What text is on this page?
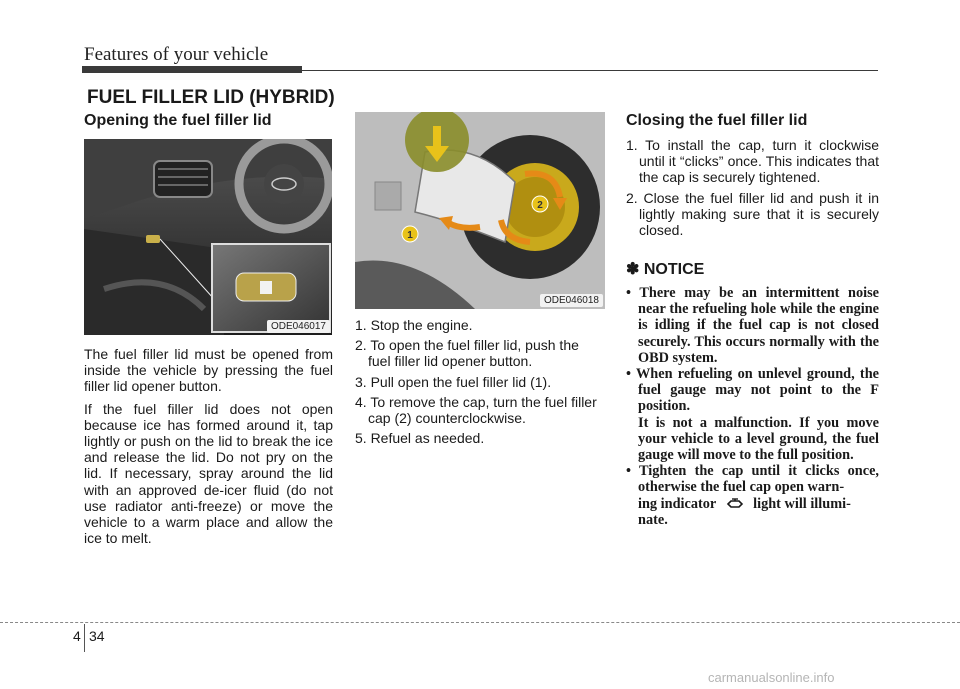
Features of your vehicle
FUEL FILLER LID (HYBRID)
Opening the fuel filler lid
ODE046017

The fuel filler lid must be opened from inside the vehicle by pressing the fuel filler lid opener button.

If the fuel filler lid does not open because ice has formed around it, tap lightly or push on the lid to break the ice and release the lid. Do not pry on the lid. If necessary, spray around the lid with an approved de-icer fluid (do not use radiator anti-freeze) or move the vehicle to a warm place and allow the ice to melt.

1
2
ODE046018
1. Stop the engine.
2. To open the fuel filler lid, push the fuel filler lid opener button.
3. Pull open the fuel filler lid (1).
4. To remove the cap, turn the fuel filler cap (2) counterclockwise.
5. Refuel as needed.
Closing the fuel filler lid
1. To install the cap, turn it clockwise until it “clicks” once. This indicates that the cap is securely tightened.
2. Close the fuel filler lid and push it in lightly making sure that it is securely closed.
✽ NOTICE
• There may be an intermittent noise near the refueling hole while the engine is idling if the fuel cap is not closed securely. This occurs normally with the OBD system.
• When refueling on unlevel ground, the fuel gauge may not point to the F position.
It is not a malfunction. If you move your vehicle to a level ground, the fuel gauge will move to the full position.
• Tighten the cap until it clicks once, otherwise the fuel cap open warn-
ing indicator	light will illumi-
nate.
4 34
carmanualsonline.info
